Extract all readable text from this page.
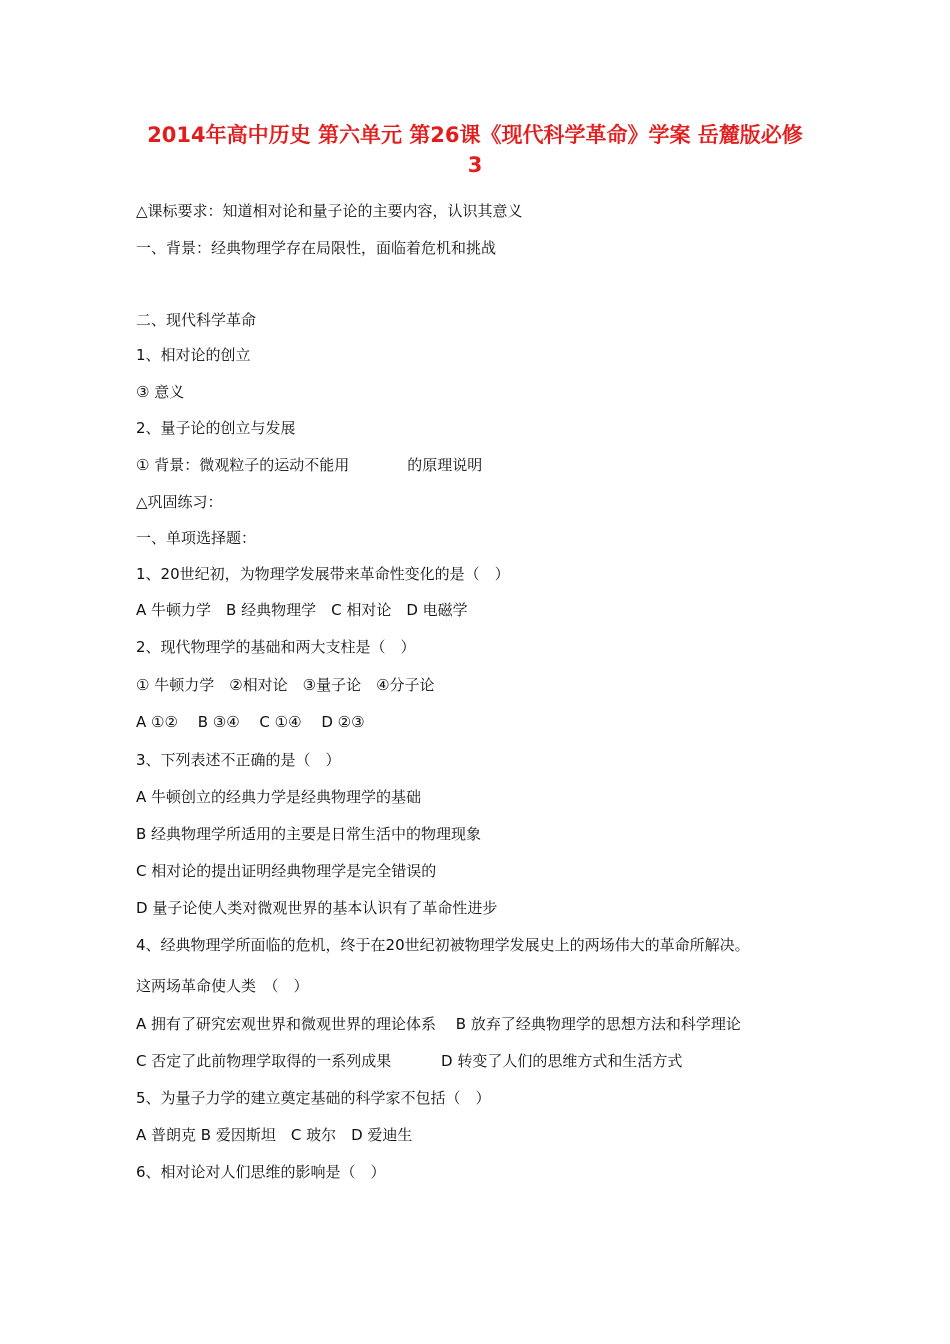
2014年高中历史 第六单元 第26课《现代科学革命》学案 岳麓版必修
3
△课标要求：知道相对论和量子论的主要内容，认识其意义
一、背景：经典物理学存在局限性，面临着危机和挑战
二、现代科学革命
1、相对论的创立
③ 意义
2、量子论的创立与发展
① 背景：微观粒子的运动不能用	的原理说明
△巩固练习：
一、单项选择题：
1、20世纪初，为物理学发展带来革命性变化的是（　）
A 牛顿力学　B 经典物理学　C 相对论　D 电磁学
2、现代物理学的基础和两大支柱是（　）
① 牛顿力学　②相对论　③量子论　④分子论
A ①②　 B ③④　 C ①④　 D ②③
3、下列表述不正确的是（　）
A 牛顿创立的经典力学是经典物理学的基础
B 经典物理学所适用的主要是日常生活中的物理现象
C 相对论的提出证明经典物理学是完全错误的
D 量子论使人类对微观世界的基本认识有了革命性进步
4、经典物理学所面临的危机，终于在20世纪初被物理学发展史上的两场伟大的革命所解决。
这两场革命使人类　（　）
A 拥有了研究宏观世界和微观世界的理论体系　 B 放弃了经典物理学的思想方法和科学理论
C 否定了此前物理学取得的一系列成果　　　 D 转变了人们的思维方式和生活方式
5、为量子力学的建立奠定基础的科学家不包括（　）
A 普朗克 B 爱因斯坦　C 玻尔　D 爱迪生
6、相对论对人们思维的影响是（　）
